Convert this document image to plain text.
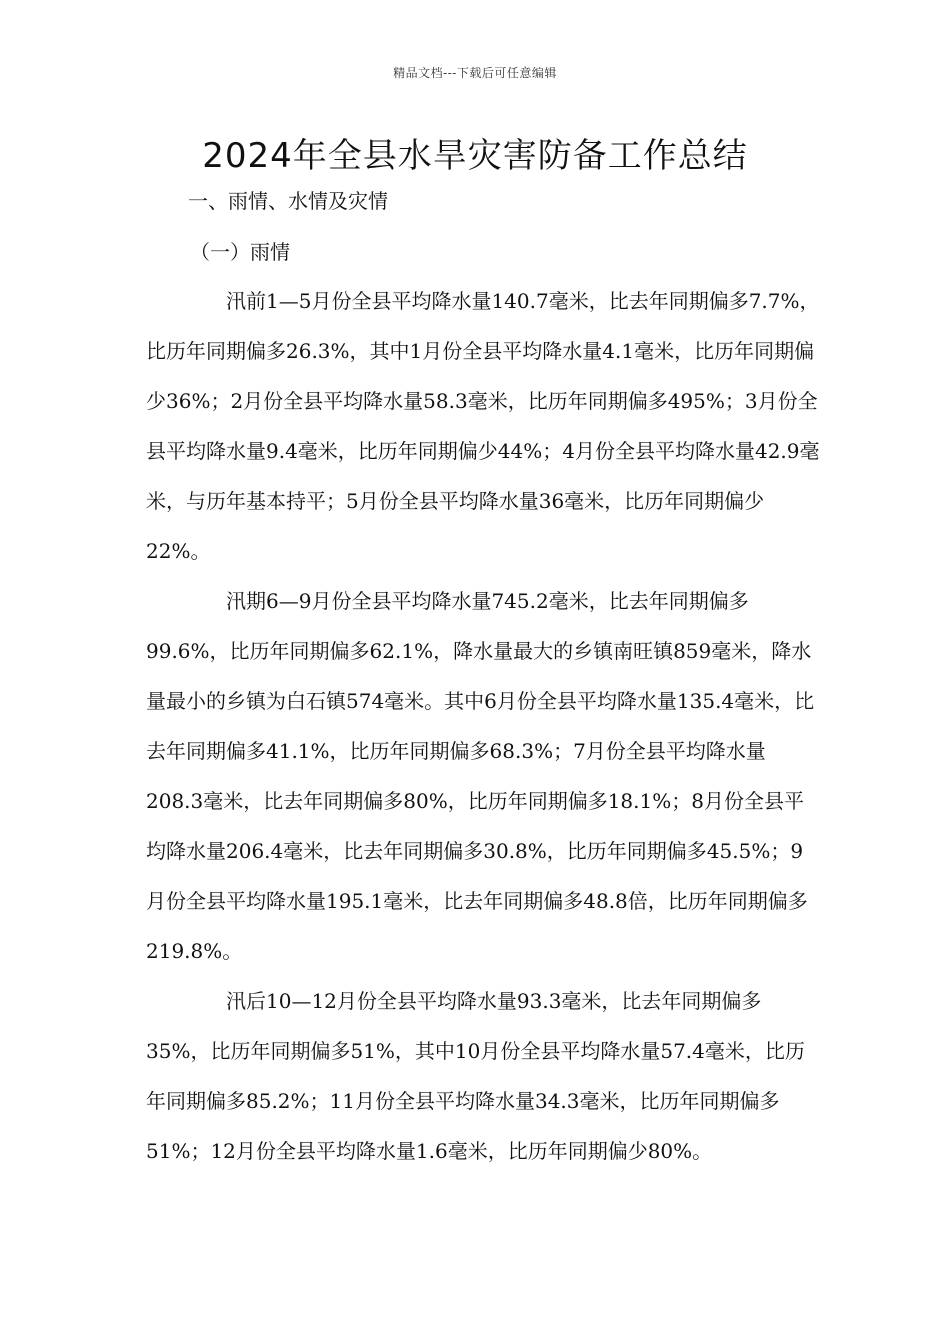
精品文档---下载后可任意编辑
2024年全县水旱灾害防备工作总结
一、雨情、水情及灾情
（一）雨情

汛前1—5月份全县平均降水量140.7毫米，比去年同期偏多7.7%，比历年同期偏多26.3%，其中1月份全县平均降水量4.1毫米，比历年同期偏少36%；2月份全县平均降水量58.3毫米，比历年同期偏多495%；3月份全县平均降水量9.4毫米，比历年同期偏少44%；4月份全县平均降水量42.9毫米，与历年基本持平；5月份全县平均降水量36毫米，比历年同期偏少22%。

汛期6—9月份全县平均降水量745.2毫米，比去年同期偏多99.6%，比历年同期偏多62.1%，降水量最大的乡镇南旺镇859毫米，降水量最小的乡镇为白石镇574毫米。其中6月份全县平均降水量135.4毫米，比去年同期偏多41.1%，比历年同期偏多68.3%；7月份全县平均降水量208.3毫米，比去年同期偏多80%，比历年同期偏多18.1%；8月份全县平均降水量206.4毫米，比去年同期偏多30.8%，比历年同期偏多45.5%；9月份全县平均降水量195.1毫米，比去年同期偏多48.8倍，比历年同期偏多219.8%。

汛后10—12月份全县平均降水量93.3毫米，比去年同期偏多35%，比历年同期偏多51%，其中10月份全县平均降水量57.4毫米，比历年同期偏多85.2%；11月份全县平均降水量34.3毫米，比历年同期偏多51%；12月份全县平均降水量1.6毫米，比历年同期偏少80%。
